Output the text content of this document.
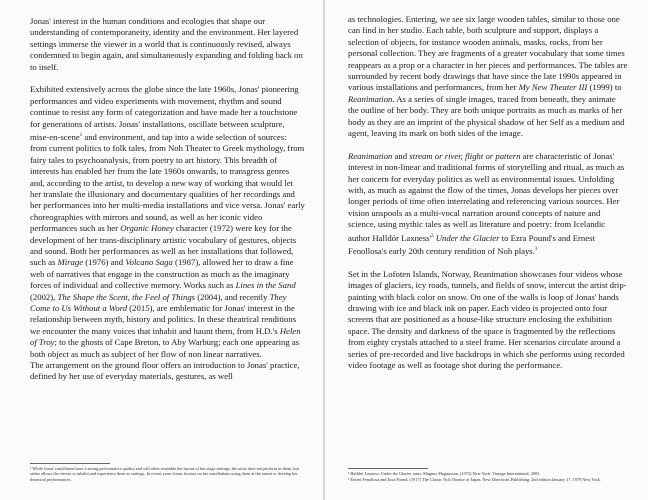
Jonas' interest in the human conditions and ecologies that shape our understanding of contemporaneity, identity and the environment. Her layered settings immerse the viewer in a world that is continuously revised, always condemned to begin again, and simultaneously expanding and folding back on to itself.

Exhibited extensively across the globe since the late 1960s, Jonas' pioneering performances and video experiments with movement, rhythm and sound continue to resist any form of categorization and have made her a touchstone for generations of artists. Jonas' installations, oscillate between sculpture, mise-en-scene$^1$ and environment, and tap into a wide selection of sources: from current politics to folk tales, from Noh Theater to Greek mythology, from fairy tales to psychoanalysis, from poetry to art history. This breadth of interests has enabled her from the late 1960s onwards, to transgress genres and, according to the artist, to develop a new way of working that would let her translate the illusionary and documentary qualities of her recordings and her performances into her multi-media installations and vice versa. Jonas' early choreographies with mirrors and sound, as well as her iconic video performances such as her Organic Honey character (1972) were key for the development of her trans-disciplinary artistic vocabulary of gestures, objects and sound. Both her performances as well as her installations that followed, such as Mirage (1976) and Volcano Saga (1987), allowed her to draw a fine web of narratives that engage in the construction as much as the imaginary forces of individual and collective memory. Works such as Lines in the Sand (2002), The Shape the Scent, the Feel of Things (2004), and recently They Come to Us Without a Word (2015), are emblematic for Jonas' interest in the relationship between myth, history and politics. In these theatrical renditions we encounter the many voices that inhabit and haunt them, from H.D.'s Helen of Troy; to the ghosts of Cape Breton, to Aby Warburg; each one appearing as both object as much as subject of her flow of non linear narratives.

The arrangement on the ground floor offers an introduction to Jonas' practice, defined by her use of everyday materials, gestures, as well

¹ While Jonas' installation have a strong performative quality and will often resemble the layout of her stage settings, the artist does not perform in them, but rather allows the viewer to inhabit and experience them as settings. In recent years Jonas focuses on her installations using them at the outset to develop her theatrical performances.

as technologies. Entering, we see six large wooden tables, similar to those one can find in her studio. Each table, both sculpture and support, displays a selection of objects, for instance wooden animals, masks, rocks, from her personal collection. They are fragments of a greater vocabulary that some times reappears as a prop or a character in her pieces and performances. The tables are surrounded by recent body drawings that have since the late 1990s appeared in various installations and performances, from her My New Theater III (1999) to Reanimation. As a series of single images, traced from beneath, they animate the outline of her body. They are both unique portraits as much as marks of her body as they are an imprint of the physical shadow of her Self as a medium and agent, leaving its mark on both sides of the image.

Reanimation and stream or river, flight or pattern are characteristic of Jonas' interest in non-linear and traditional forms of storytelling and ritual, as much as her concern for everyday politics as well as environmental issues. Unfolding with, as much as against the flow of the times, Jonas develops her pieces over longer periods of time often interrelating and referencing various sources. Her vision unspools as a multi-vocal narration around concepts of nature and science, using mythic tales as well as literature and poetry: from Icelandic author Halldór $Laxness'^2$ Under the Glacier to Ezra Pound's and Ernest Fenollosa's early 20th century rendition of Noh plays.$^3$

Set in the Lofoten Islands, Norway, Reanimation showcases four videos whose images of glaciers, icy roads, tunnels, and fields of snow, intercut the artist drip-painting with black color on snow. On one of the walls is loop of Jonas' hands drawing with ice and black ink on paper. Each video is projected onto four screens that are positioned as a house-like structure enclosing the exhibition space. The density and darkness of the space is fragmented by the reflections from eighty crystals attached to a steel frame. Her scenarios circulate around a series of pre-recorded and live backdrops in which she performs using recorded video footage as well as footage shot during the performance.

² Halldór Laxness, Under the Glacier trans. Magnus Magnusson, (1972) New York: Vintage International, 2005.

³ Ernest Fenollosa and Ezra Pound, (1917) The Classic Noh Theatre of Japan, New Directions Publishing; 2nd edition January 17, 1979 New York.
